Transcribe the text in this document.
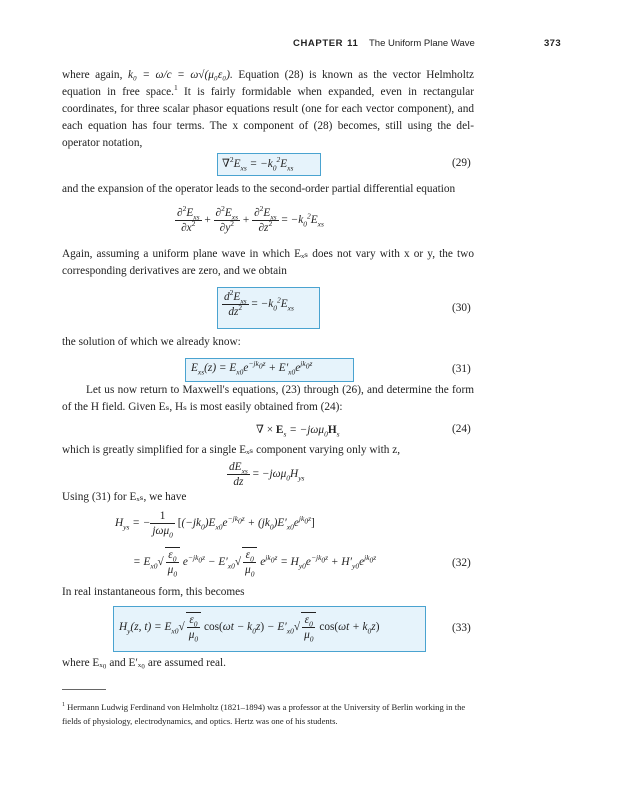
CHAPTER 11 The Uniform Plane Wave	373
where again, k₀ = ω/c = ω√(μ₀ε₀). Equation (28) is known as the vector Helmholtz equation in free space.$^1$ It is fairly formidable when expanded, even in rectangular coordinates, for three scalar phasor equations result (one for each vector component), and each equation has four terms. The x component of (28) becomes, still using the del-operator notation,
$\nabla^2E_{xs} = -k_0^2E_{xs}$	(29)
and the expansion of the operator leads to the second-order partial differential equation
$\frac{\partial^2E_{xs}}{\partial x^2} + \frac{\partial^2E_{xs}}{\partial y^2} + \frac{\partial^2E_{xs}}{\partial z^2} = -k_0^2E_{xs}$
Again, assuming a uniform plane wave in which Eₓₛ does not vary with x or y, the two corresponding derivatives are zero, and we obtain
$\frac{d^2E_{xs}}{dz^2} = -k_0^2E_{xs}$	(30)
the solution of which we already know:
$E_{xs}(z) = E_{x0}e^{-jk_0z} + E'_{x0}e^{jk_0z}$	(31)
Let us now return to Maxwell's equations, (23) through (26), and determine the form of the H field. Given Eₛ, Hₛ is most easily obtained from (24):
∇ × $E_s = -j\omega\mu_0H_s$	(24)
which is greatly simplified for a single Eₓₛ component varying only with z,
$\frac{dE_{xs}}{dz} = -j\omega\mu_0H_{ys}$
Using (31) for Eₓₛ, we have
$H_{ys}$ = − $\frac{1}{j\omega\mu_0} [(-jk_0)E_{x0}e^{-jk_0z} + (jk_0)E'_{x0}e^{jk_0z}]$
= $E_{x0}√ \frac{\varepsilon_0}{\mu_0} e^{-jk_0z} - E'_{x0}√ \frac{\varepsilon_0}{\mu_0} e^{jk_0z} = H_{y0}e^{-jk_0z} + H'_{y0}e^{jk_0z}$	(32)
In real instantaneous form, this becomes
$H_y(z$, $t) = E_{x0}√ \frac{\varepsilon_0}{\mu_0} \cos(\omega t - k_0z) - E'_{x0}√ \frac{\varepsilon_0}{\mu_0} \cos(\omega t + k_0z)$	(33)
where Eₓ₀ and E′ₓ₀ are assumed real.
$^1$ Hermann Ludwig Ferdinand von Helmholtz (1821–1894) was a professor at the University of Berlin working in the fields of physiology, electrodynamics, and optics. Hertz was one of his students.
